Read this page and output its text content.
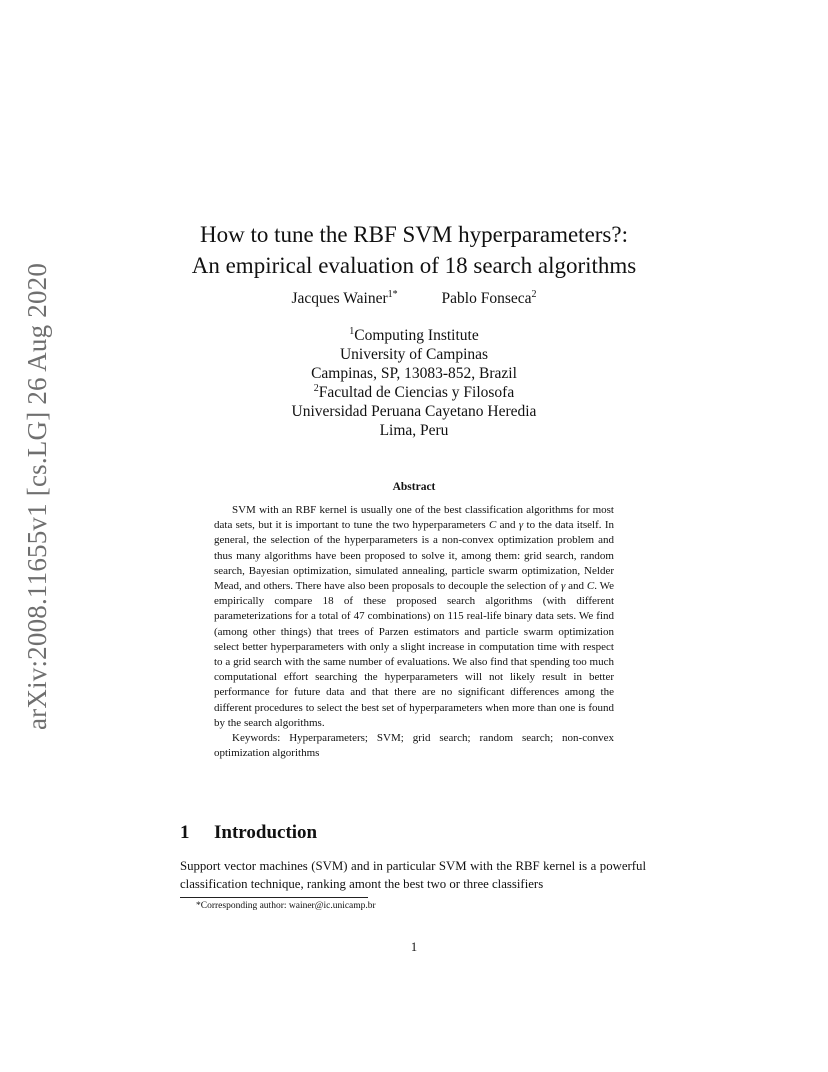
arXiv:2008.11655v1 [cs.LG] 26 Aug 2020
How to tune the RBF SVM hyperparameters?:
An empirical evaluation of 18 search algorithms
Jacques Wainer$^{1*}$	Pablo Fonseca$^2$
$^1$Computing Institute
University of Campinas
Campinas, SP, 13083-852, Brazil
$^2$Facultad de Ciencias y Filosofa
Universidad Peruana Cayetano Heredia
Lima, Peru
Abstract

SVM with an RBF kernel is usually one of the best classification algorithms for most data sets, but it is important to tune the two hyperparameters C and γ to the data itself. In general, the selection of the hyperparameters is a non-convex optimization problem and thus many algorithms have been proposed to solve it, among them: grid search, random search, Bayesian optimization, simulated annealing, particle swarm optimization, Nelder Mead, and others. There have also been proposals to decouple the selection of γ and C. We empirically compare 18 of these proposed search algorithms (with different parameterizations for a total of 47 combinations) on 115 real-life binary data sets. We find (among other things) that trees of Parzen estimators and particle swarm optimization select better hyperparameters with only a slight increase in computation time with respect to a grid search with the same number of evaluations. We also find that spending too much computational effort searching the hyperparameters will not likely result in better performance for future data and that there are no significant differences among the different procedures to select the best set of hyperparameters when more than one is found by the search algorithms.

Keywords: Hyperparameters; SVM; grid search; random search; non-convex optimization algorithms

1 Introduction

Support vector machines (SVM) and in particular SVM with the RBF kernel is a powerful classification technique, ranking amont the best two or three classifiers

*Corresponding author: wainer@ic.unicamp.br
1
